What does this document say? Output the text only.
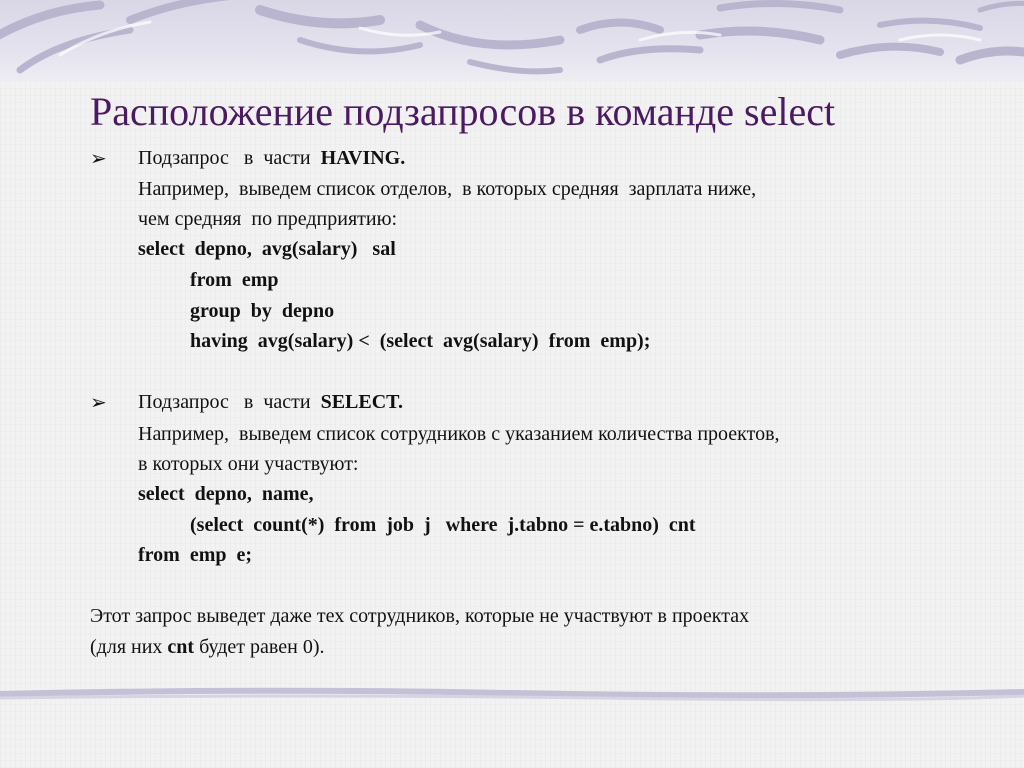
Расположение подзапросов в команде select
➢ Подзапрос   в  части  HAVING.
Например,  выведем список отделов,  в которых средняя  зарплата ниже,
чем средняя  по предприятию:
select  depno,  avg(salary)   sal
from  emp
group  by  depno
having  avg(salary) <  (select  avg(salary)  from  emp);
➢ Подзапрос   в  части  SELECT.
Например,  выведем список сотрудников с указанием количества проектов,
в которых они участвуют:
select  depno,  name,
(select  count(*)  from  job  j   where  j.tabno = e.tabno)  cnt
from  emp  e;
Этот запрос выведет даже тех сотрудников, которые не участвуют в проектах
(для них cnt будет равен 0).
